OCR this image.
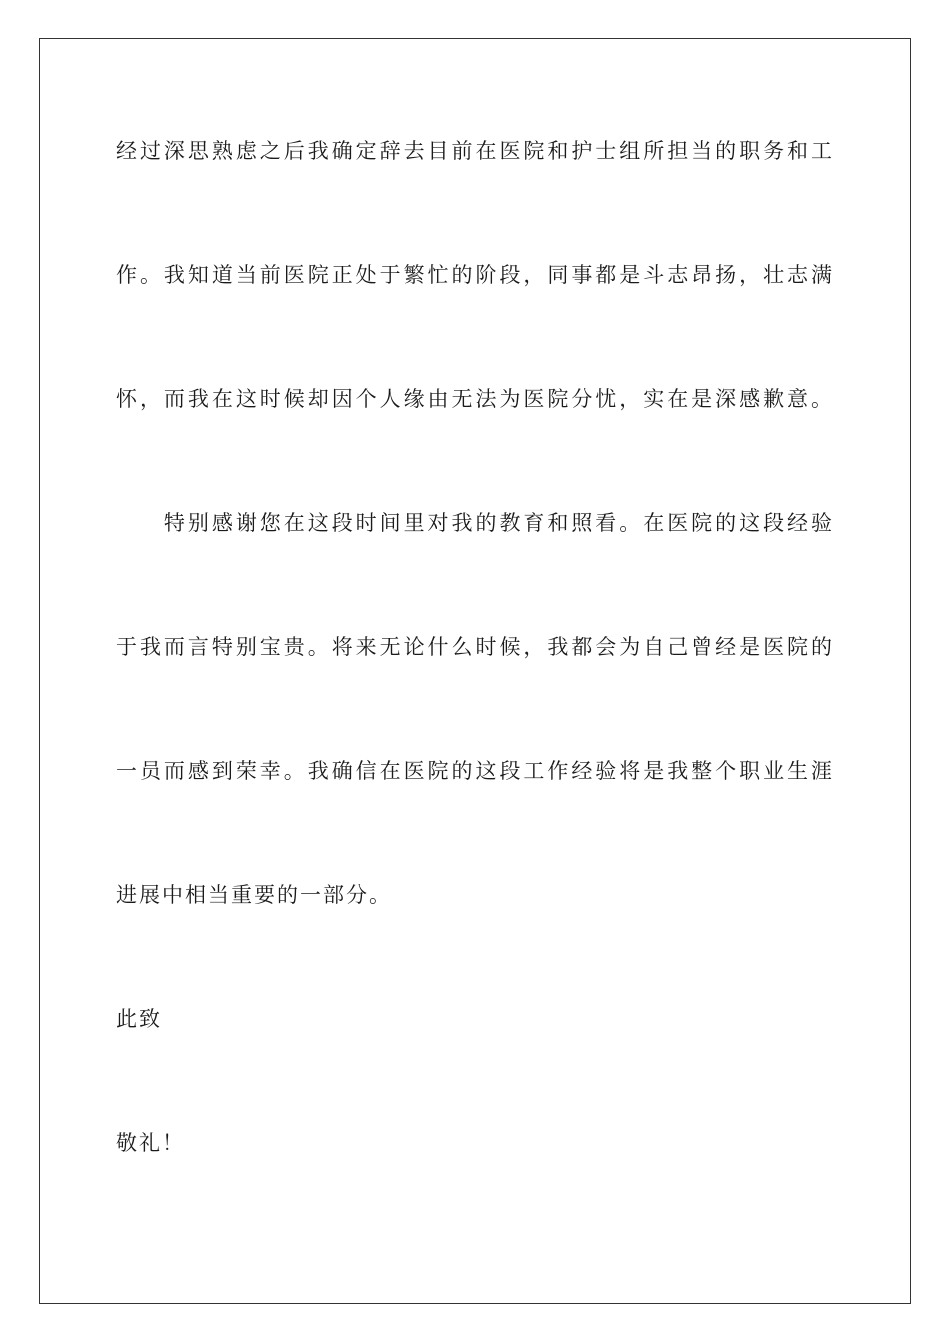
经过深思熟虑之后我确定辞去目前在医院和护士组所担当的职务和工
作。我知道当前医院正处于繁忙的阶段，同事都是斗志昂扬，壮志满
怀，而我在这时候却因个人缘由无法为医院分忧，实在是深感歉意。
　　特别感谢您在这段时间里对我的教育和照看。在医院的这段经验
于我而言特别宝贵。将来无论什么时候，我都会为自己曾经是医院的
一员而感到荣幸。我确信在医院的这段工作经验将是我整个职业生涯
进展中相当重要的一部分。
此致
敬礼！
